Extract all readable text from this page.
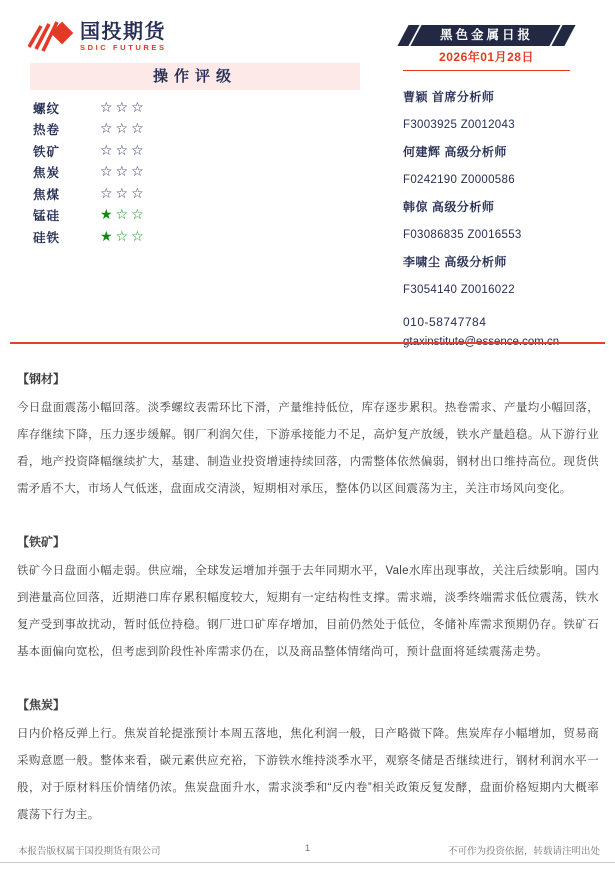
国投期货
SDIC FUTURES
黑色金属日报
2026年01月28日
操作评级
螺纹	☆☆☆
热卷	☆☆☆
铁矿	☆☆☆
焦炭	☆☆☆
焦煤	☆☆☆
锰硅	★☆☆
硅铁	★☆☆
曹颖 首席分析师
F3003925 Z0012043
何建辉 高级分析师
F0242190 Z0000586
韩倞 高级分析师
F03086835 Z0016553
李啸尘 高级分析师
F3054140 Z0016022
010-58747784
【钢材】
今日盘面震荡小幅回落。淡季螺纹表需环比下滑，产量维持低位，库存逐步累积。热卷需求、产量均小幅回落，库存继续下降，压力逐步缓解。钢厂利润欠佳，下游承接能力不足，高炉复产放缓，铁水产量趋稳。从下游行业看，地产投资降幅继续扩大，基建、制造业投资增速持续回落，内需整体依然偏弱，钢材出口维持高位。现货供需矛盾不大，市场人气低迷，盘面成交清淡，短期相对承压，整体仍以区间震荡为主，关注市场风向变化。
【铁矿】
铁矿今日盘面小幅走弱。供应端，全球发运增加并强于去年同期水平，Vale水库出现事故，关注后续影响。国内到港量高位回落，近期港口库存累积幅度较大，短期有一定结构性支撑。需求端，淡季终端需求低位震荡，铁水复产受到事故扰动，暂时低位持稳。钢厂进口矿库存增加，目前仍然处于低位，冬储补库需求预期仍存。铁矿石基本面偏向宽松，但考虑到阶段性补库需求仍在，以及商品整体情绪尚可，预计盘面将延续震荡走势。
【焦炭】
日内价格反弹上行。焦炭首轮提涨预计本周五落地，焦化利润一般，日产略微下降。焦炭库存小幅增加，贸易商采购意愿一般。整体来看，碳元素供应充裕，下游铁水维持淡季水平，观察冬储是否继续进行，钢材利润水平一般，对于原材料压价情绪仍浓。焦炭盘面升水，需求淡季和“反内卷”相关政策反复发酵，盘面价格短期内大概率震荡下行为主。
本报告版权属于国投期货有限公司	1	不可作为投资依据，转载请注明出处
